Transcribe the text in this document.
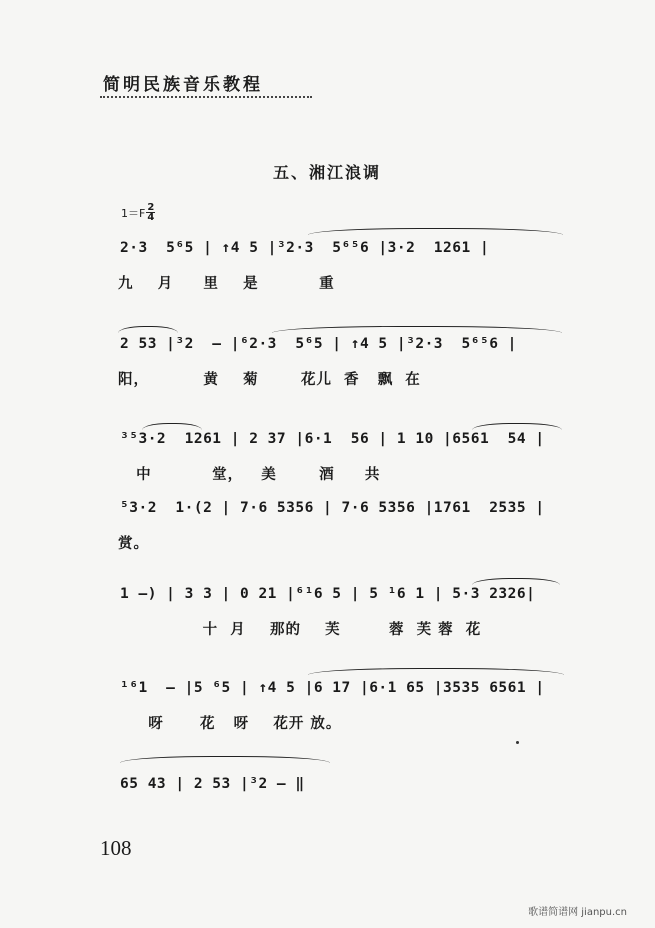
简明民族音乐教程
五、湘江浪调
$1=F \frac{2}{4}$
2·3  5⁶5 | ↑4 5 |³2·3  5⁶⁵6 |3·2  1261 |
九    月     里    是          重
2 53 |³2  — |⁶2·3  5⁶5 | ↑4 5 |³2·3  5⁶⁵6 |
阳，         黄    菊       花儿  香   飘  在
³⁵3·2  1261 | 2 37 |6·1  56 | 1 10 |6561  54 |
中          堂，   美       酒     共
⁵3·2  1·(2 | 7·6 5356 | 7·6 5356 |1761  2535 |
赏。
1 —) | 3 3 | 0 21 |⁶¹6 5 | 5 ¹6 1 | 5·3 2326|
十  月    那的    芙        蓉  芙 蓉  花
¹⁶1  — |5 ⁶5 | ↑4 5 |6 17 |6·1 65 |3535 6561 |
呀      花   呀    花开 放。
65 43 | 2 53 |³2 — ‖
108
歌谱简谱网 jianpu.cn
